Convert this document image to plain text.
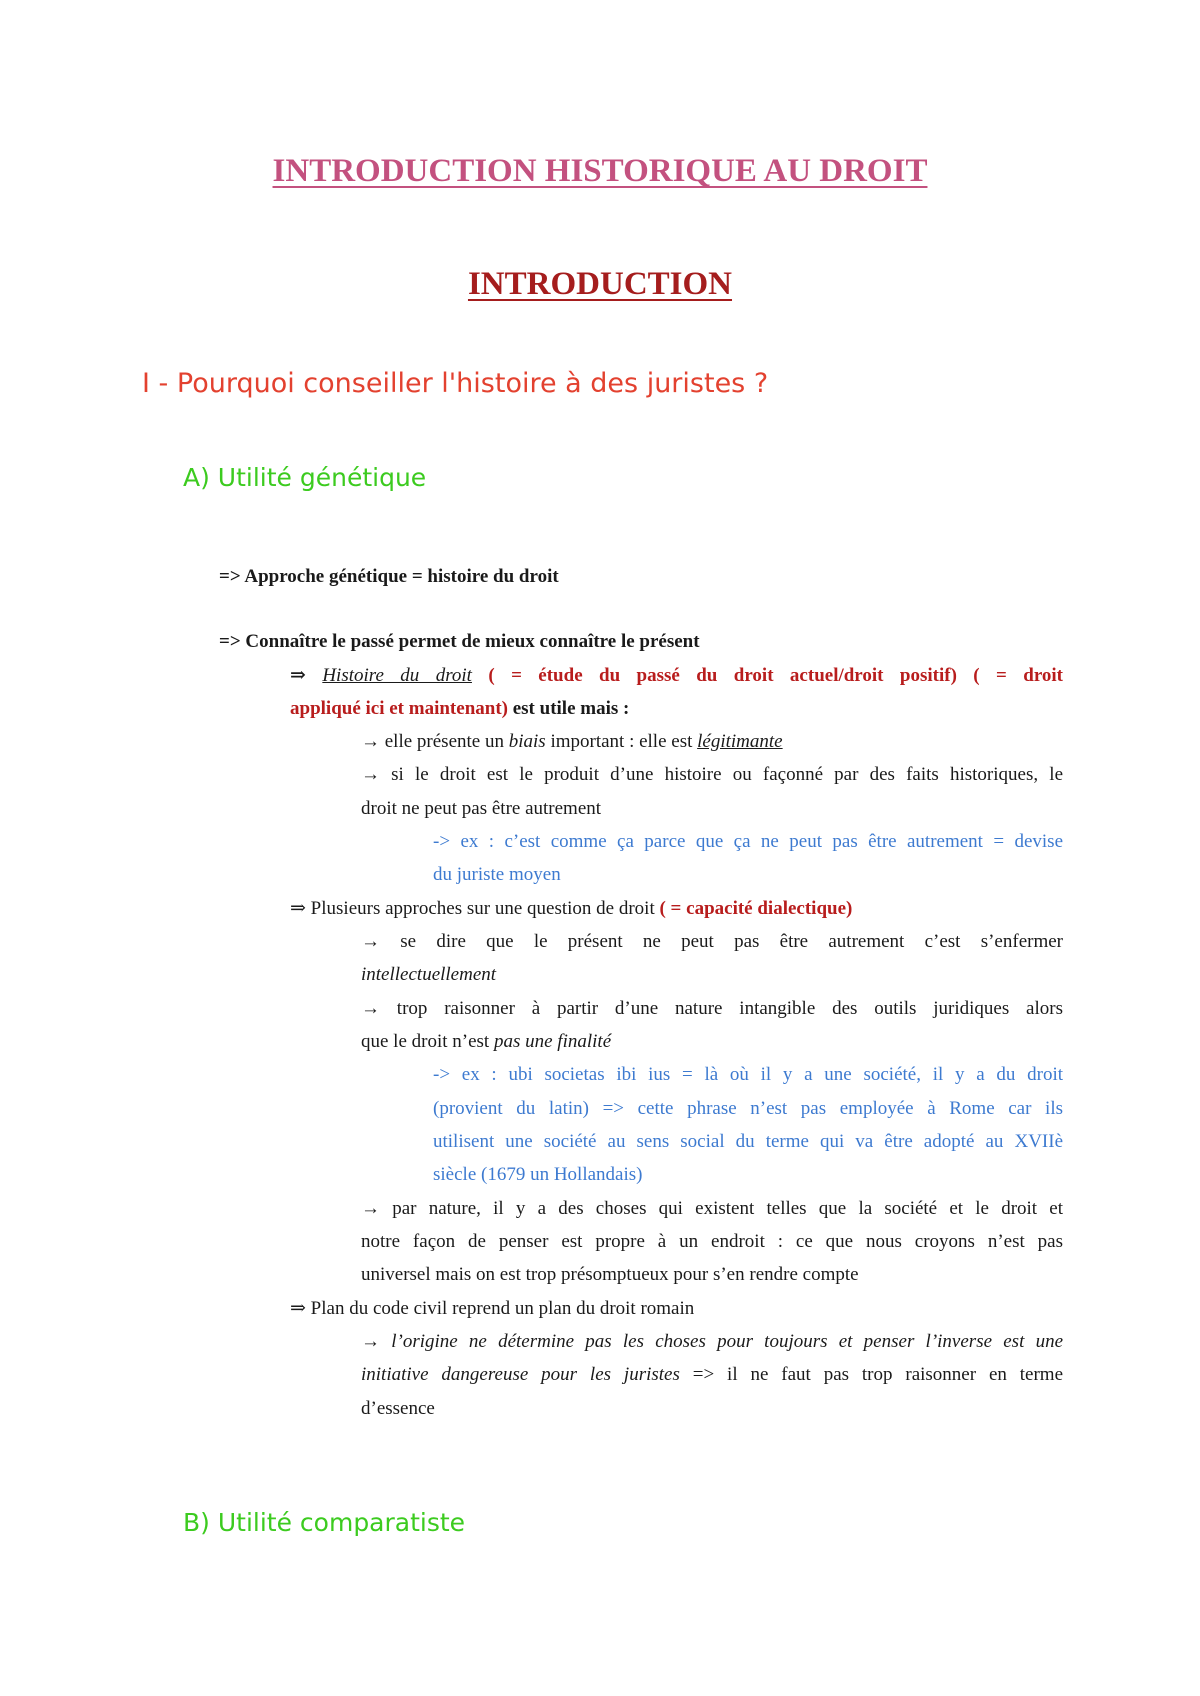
INTRODUCTION HISTORIQUE AU DROIT
INTRODUCTION
I - Pourquoi conseiller l'histoire à des juristes ?
A) Utilité génétique
=> Approche génétique = histoire du droit
=> Connaître le passé permet de mieux connaître le présent
⇒ Histoire du droit ( = étude du passé du droit actuel/droit positif) ( = droit
appliqué ici et maintenant) est utile mais :
→ elle présente un biais important : elle est légitimante
→ si le droit est le produit d’une histoire ou façonné par des faits historiques, le
droit ne peut pas être autrement
-> ex : c’est comme ça parce que ça ne peut pas être autrement = devise
du juriste moyen
⇒ Plusieurs approches sur une question de droit ( = capacité dialectique)
→ se dire que le présent ne peut pas être autrement c’est s’enfermer
intellectuellement
→ trop raisonner à partir d’une nature intangible des outils juridiques alors
que le droit n’est pas une finalité
-> ex : ubi societas ibi ius = là où il y a une société, il y a du droit
(provient du latin) => cette phrase n’est pas employée à Rome car ils
utilisent une société au sens social du terme qui va être adopté au XVIIè
siècle (1679 un Hollandais)
→ par nature, il y a des choses qui existent telles que la société et le droit et
notre façon de penser est propre à un endroit : ce que nous croyons n’est pas
universel mais on est trop présomptueux pour s’en rendre compte
⇒ Plan du code civil reprend un plan du droit romain
→ l’origine ne détermine pas les choses pour toujours et penser l’inverse est une
initiative dangereuse pour les juristes => il ne faut pas trop raisonner en terme
d’essence
B) Utilité comparatiste
